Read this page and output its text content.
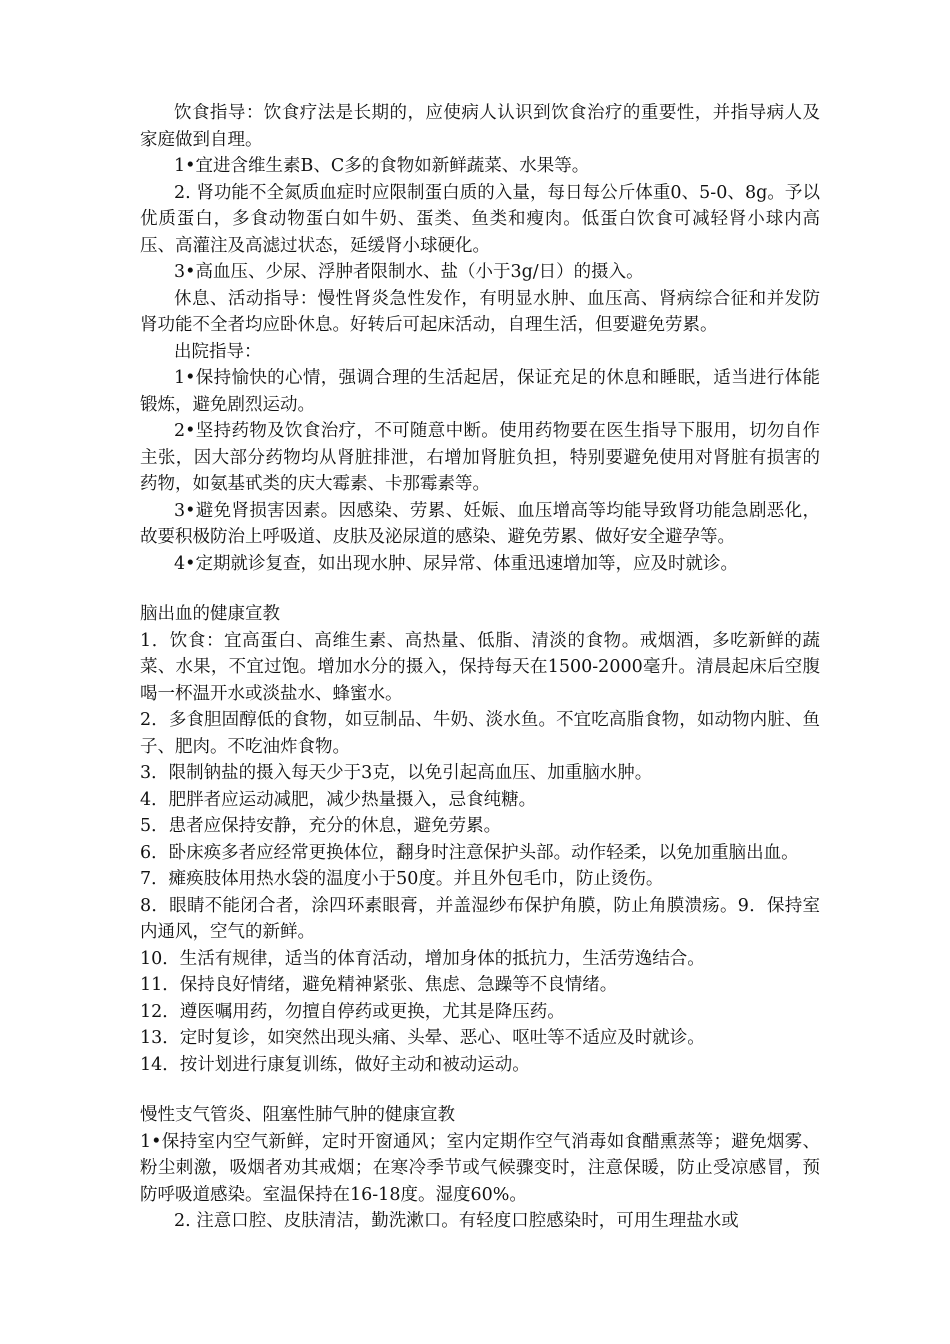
饮食指导：饮食疗法是长期的，应使病人认识到饮食治疗的重要性，并指导病人及家庭做到自理。

1•宜进含维生素B、C多的食物如新鲜蔬菜、水果等。

2. 肾功能不全氮质血症时应限制蛋白质的入量，每日每公斤体重0、5-0、8g。予以优质蛋白，多食动物蛋白如牛奶、蛋类、鱼类和瘦肉。低蛋白饮食可减轻肾小球内高压、高灌注及高滤过状态，延缓肾小球硬化。

3•高血压、少尿、浮肿者限制水、盐（小于3g/日）的摄入。

休息、活动指导：慢性肾炎急性发作，有明显水肿、血压高、肾病综合征和并发防肾功能不全者均应卧休息。好转后可起床活动，自理生活，但要避免劳累。

出院指导：

1•保持愉快的心情，强调合理的生活起居，保证充足的休息和睡眠，适当进行体能锻炼，避免剧烈运动。

2•坚持药物及饮食治疗，不可随意中断。使用药物要在医生指导下服用，切勿自作主张，因大部分药物均从肾脏排泄，右增加肾脏负担，特别要避免使用对肾脏有损害的药物，如氨基甙类的庆大霉素、卡那霉素等。

3•避免肾损害因素。因感染、劳累、妊娠、血压增高等均能导致肾功能急剧恶化，故要积极防治上呼吸道、皮肤及泌尿道的感染、避免劳累、做好安全避孕等。

4•定期就诊复查，如出现水肿、尿异常、体重迅速增加等，应及时就诊。

脑出血的健康宣教

1．饮食：宜高蛋白、高维生素、高热量、低脂、清淡的食物。戒烟酒，多吃新鲜的蔬菜、水果，不宜过饱。增加水分的摄入，保持每天在1500-2000毫升。清晨起床后空腹喝一杯温开水或淡盐水、蜂蜜水。

2．多食胆固醇低的食物，如豆制品、牛奶、淡水鱼。不宜吃高脂食物，如动物内脏、鱼子、肥肉。不吃油炸食物。

3．限制钠盐的摄入每天少于3克，以免引起高血压、加重脑水肿。

4．肥胖者应运动减肥，减少热量摄入，忌食纯糖。

5．患者应保持安静，充分的休息，避免劳累。

6．卧床痪多者应经常更换体位，翻身时注意保护头部。动作轻柔，以免加重脑出血。

7．瘫痪肢体用热水袋的温度小于50度。并且外包毛巾，防止烫伤。

8．眼睛不能闭合者，涂四环素眼膏，并盖湿纱布保护角膜，防止角膜溃疡。9．保持室内通风，空气的新鲜。

10．生活有规律，适当的体育活动，增加身体的抵抗力，生活劳逸结合。

11．保持良好情绪，避免精神紧张、焦虑、急躁等不良情绪。

12．遵医嘱用药，勿擅自停药或更换，尤其是降压药。

13．定时复诊，如突然出现头痛、头晕、恶心、呕吐等不适应及时就诊。

14．按计划进行康复训练，做好主动和被动运动。

慢性支气管炎、阻塞性肺气肿的健康宣教

1•保持室内空气新鲜，定时开窗通风；室内定期作空气消毒如食醋熏蒸等；避免烟雾、粉尘刺激，吸烟者劝其戒烟；在寒冷季节或气候骤变时，注意保暖，防止受凉感冒，预防呼吸道感染。室温保持在16-18度。湿度60%。

2. 注意口腔、皮肤清洁，勤洗漱口。有轻度口腔感染时，可用生理盐水或
